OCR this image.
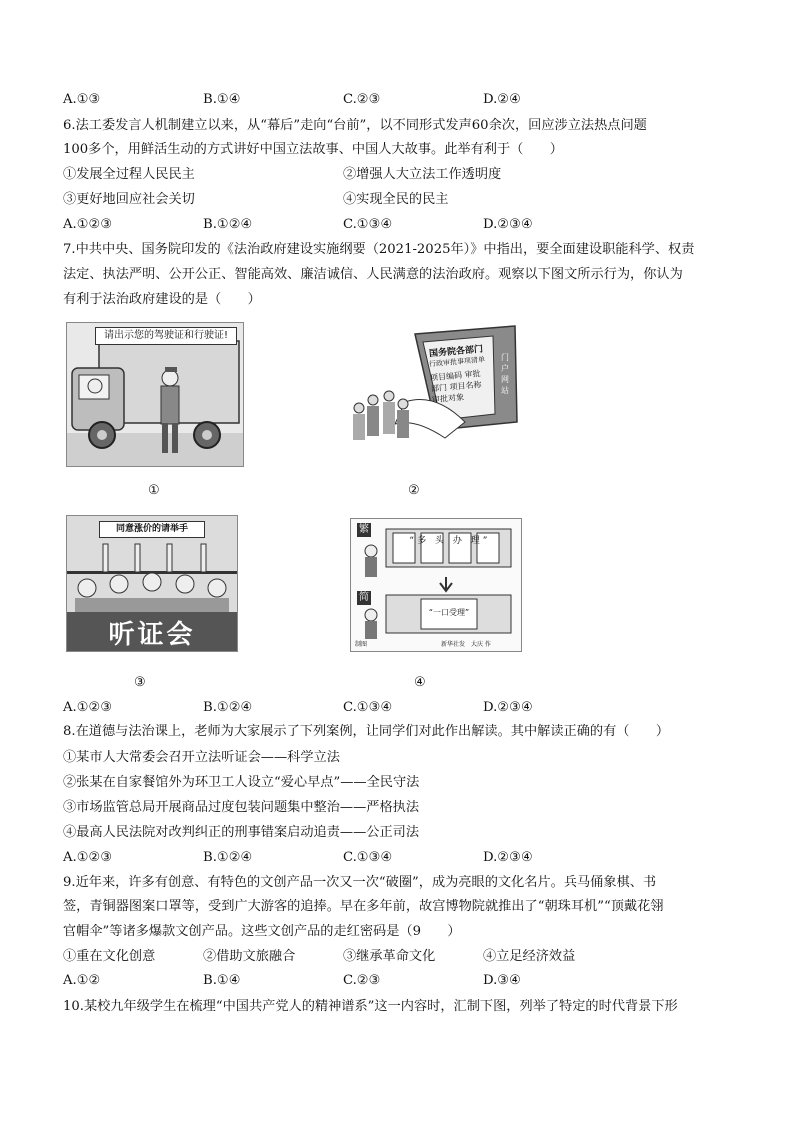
A.①③	B.①④	C.②③	D.②④
6.法工委发言人机制建立以来，从“幕后”走向“台前”，以不同形式发声60余次，回应涉立法热点问题
100多个，用鲜活生动的方式讲好中国立法故事、中国人大故事。此举有利于（　　）
①发展全过程人民民主	②增强人大立法工作透明度
③更好地回应社会关切	④实现全民的民主
A.①②③	B.①②④	C.①③④	D.②③④
7.中共中央、国务院印发的《法治政府建设实施纲要（2021-2025年）》中指出，要全面建设职能科学、权责
法定、执法严明、公开公正、智能高效、廉洁诚信、人民满意的法治政府。观察以下图文所示行为，你认为
有利于法治政府建设的是（　　）
请出示您的驾驶证和行驶证!
国务院各部门
行政审批事项清单
项目编码 审批部门 项目名称 审批对象
门户网站
①	②
同意涨价的请举手
听证会
繁
“多 头 办 理”
简
“一口受理”
制图	新华社发　大庆 作
③	④
A.①②③	B.①②④	C.①③④	D.②③④
8.在道德与法治课上，老师为大家展示了下列案例，让同学们对此作出解读。其中解读正确的有（　　）
①某市人大常委会召开立法听证会——科学立法
②张某在自家餐馆外为环卫工人设立“爱心早点”——全民守法
③市场监管总局开展商品过度包装问题集中整治——严格执法
④最高人民法院对改判纠正的刑事错案启动追责——公正司法
A.①②③	B.①②④	C.①③④	D.②③④
9.近年来，许多有创意、有特色的文创产品一次又一次“破圈”，成为亮眼的文化名片。兵马俑象棋、书
签，青铜器图案口罩等，受到广大游客的追捧。早在多年前，故宫博物院就推出了“朝珠耳机”“顶戴花翎
官帽伞”等诸多爆款文创产品。这些文创产品的走红密码是（9　　）
①重在文化创意	②借助文旅融合	③继承革命文化	④立足经济效益
A.①②	B.①④	C.②③	D.③④
10.某校九年级学生在梳理“中国共产党人的精神谱系”这一内容时，汇制下图，列举了特定的时代背景下形
